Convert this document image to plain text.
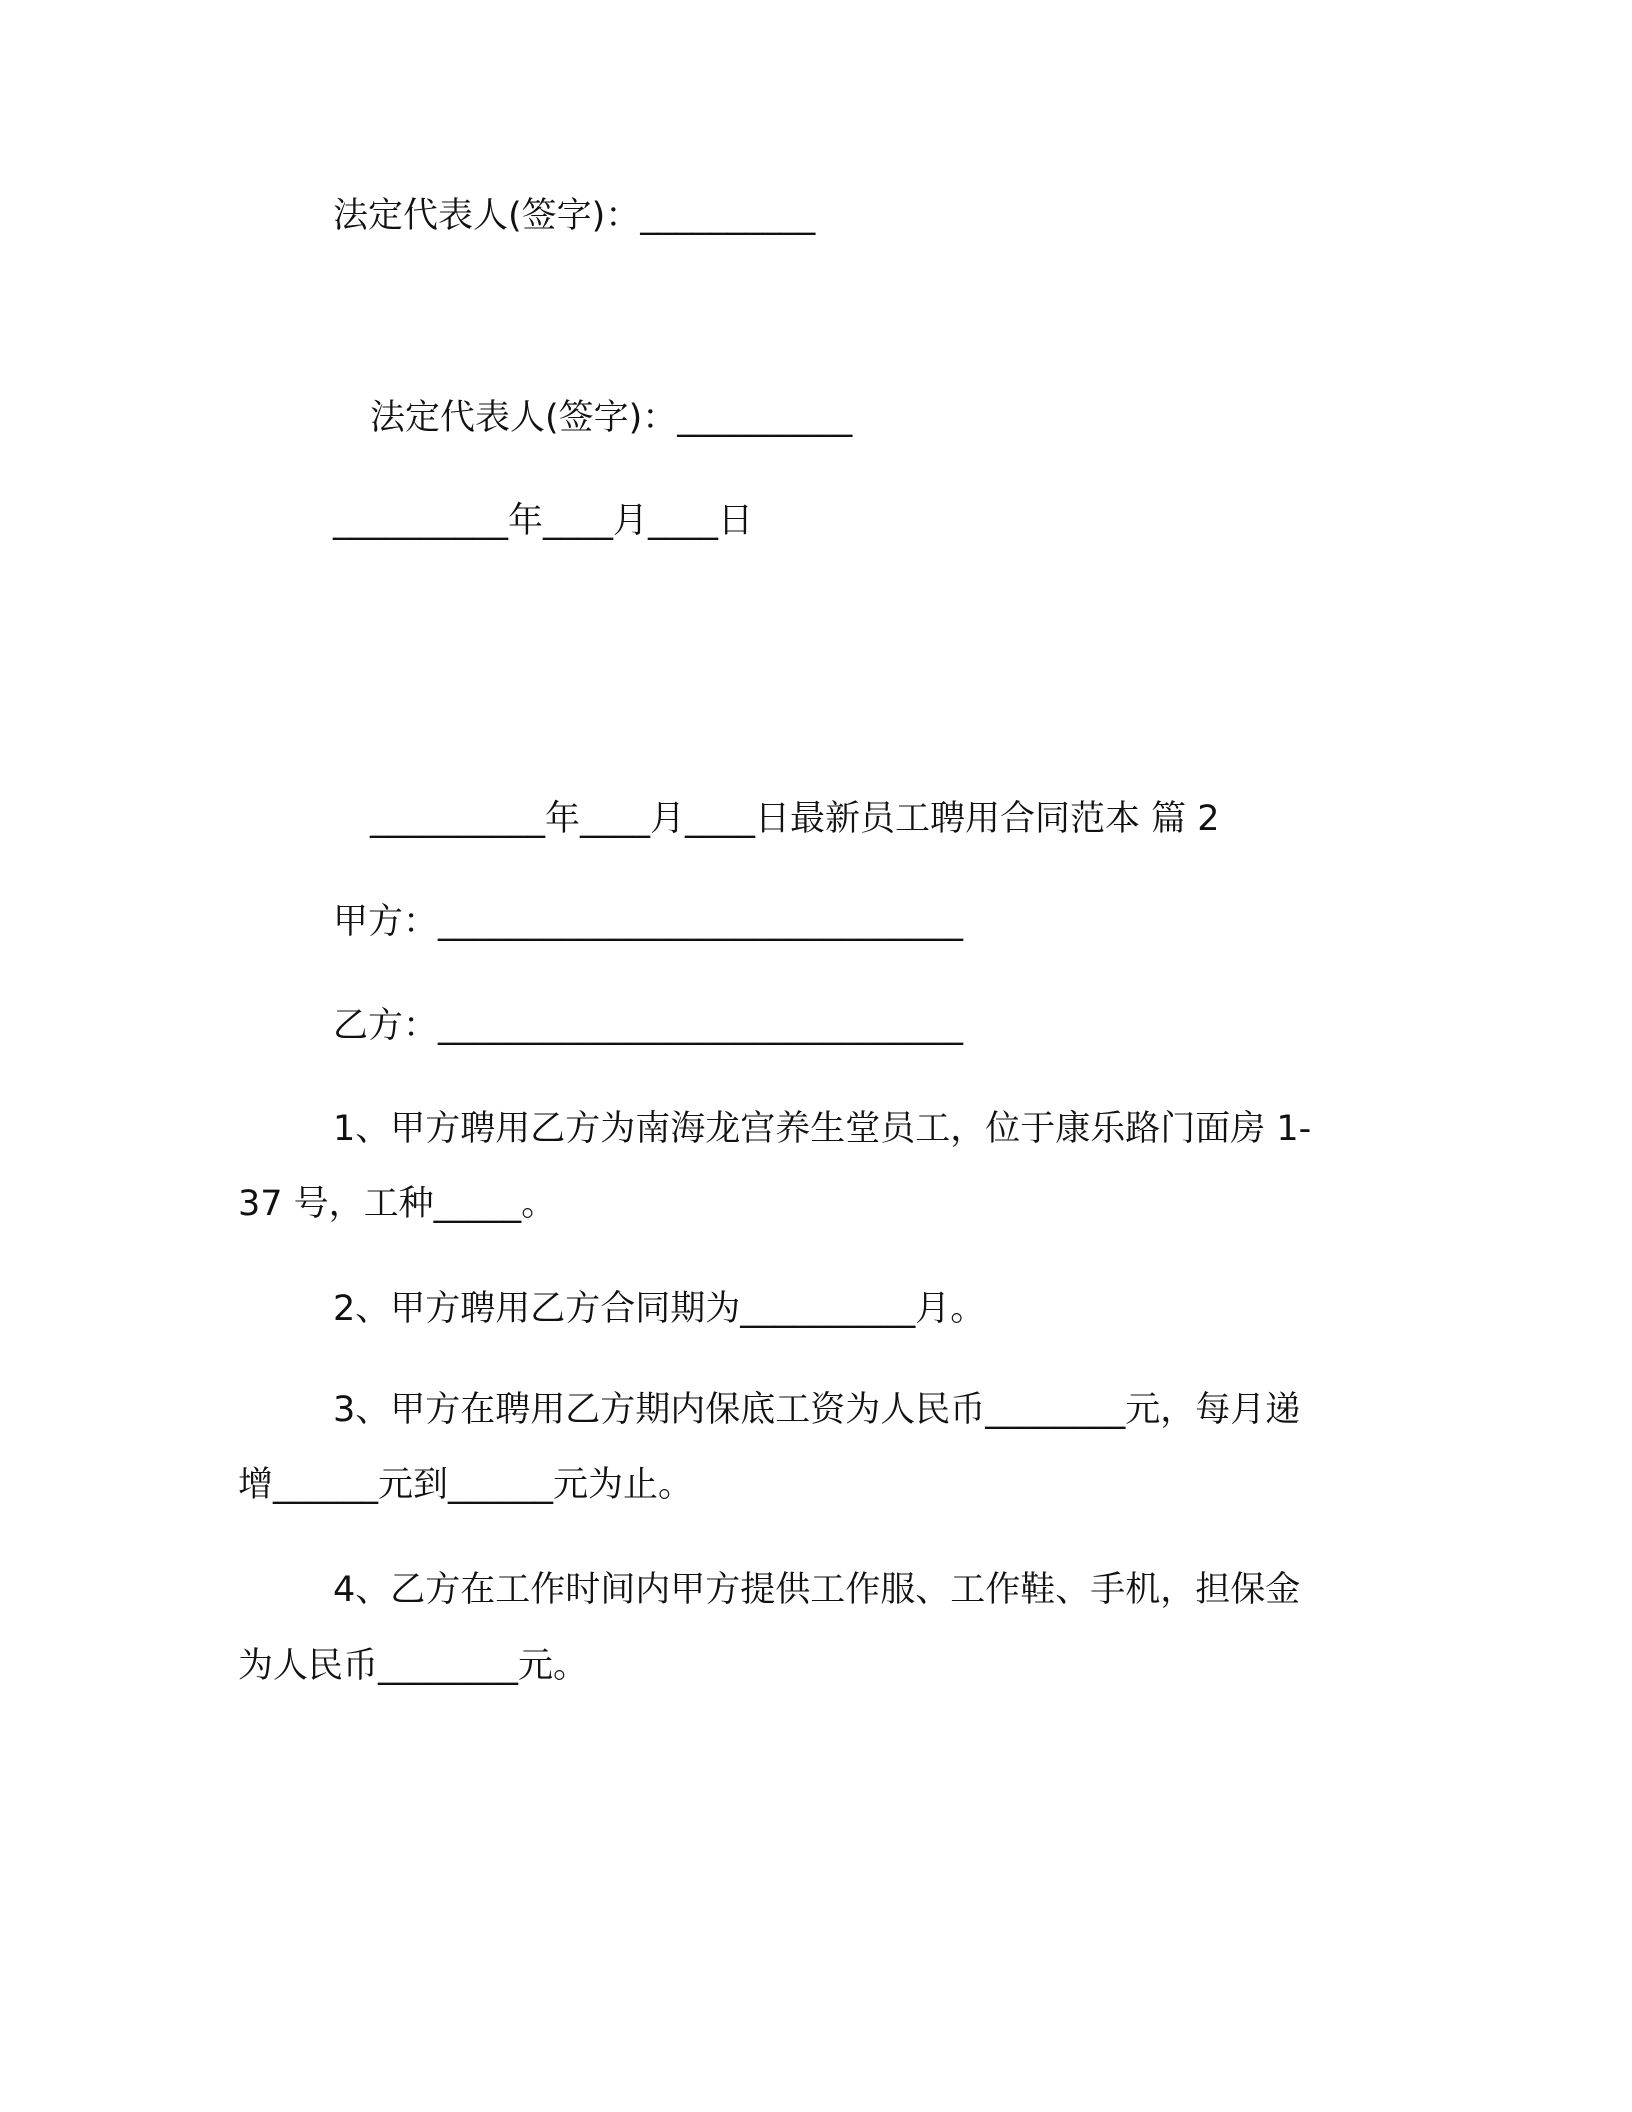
法定代表人(签字)：__________

法定代表人(签字)：__________

__________年____月____日

__________年____月____日最新员工聘用合同范本 篇 2

甲方：______________________________

乙方：______________________________

1、甲方聘用乙方为南海龙宫养生堂员工，位于康乐路门面房 1-

37 号，工种_____。

2、甲方聘用乙方合同期为__________月。

3、甲方在聘用乙方期内保底工资为人民币________元，每月递

增______元到______元为止。

4、乙方在工作时间内甲方提供工作服、工作鞋、手机，担保金

为人民币________元。
